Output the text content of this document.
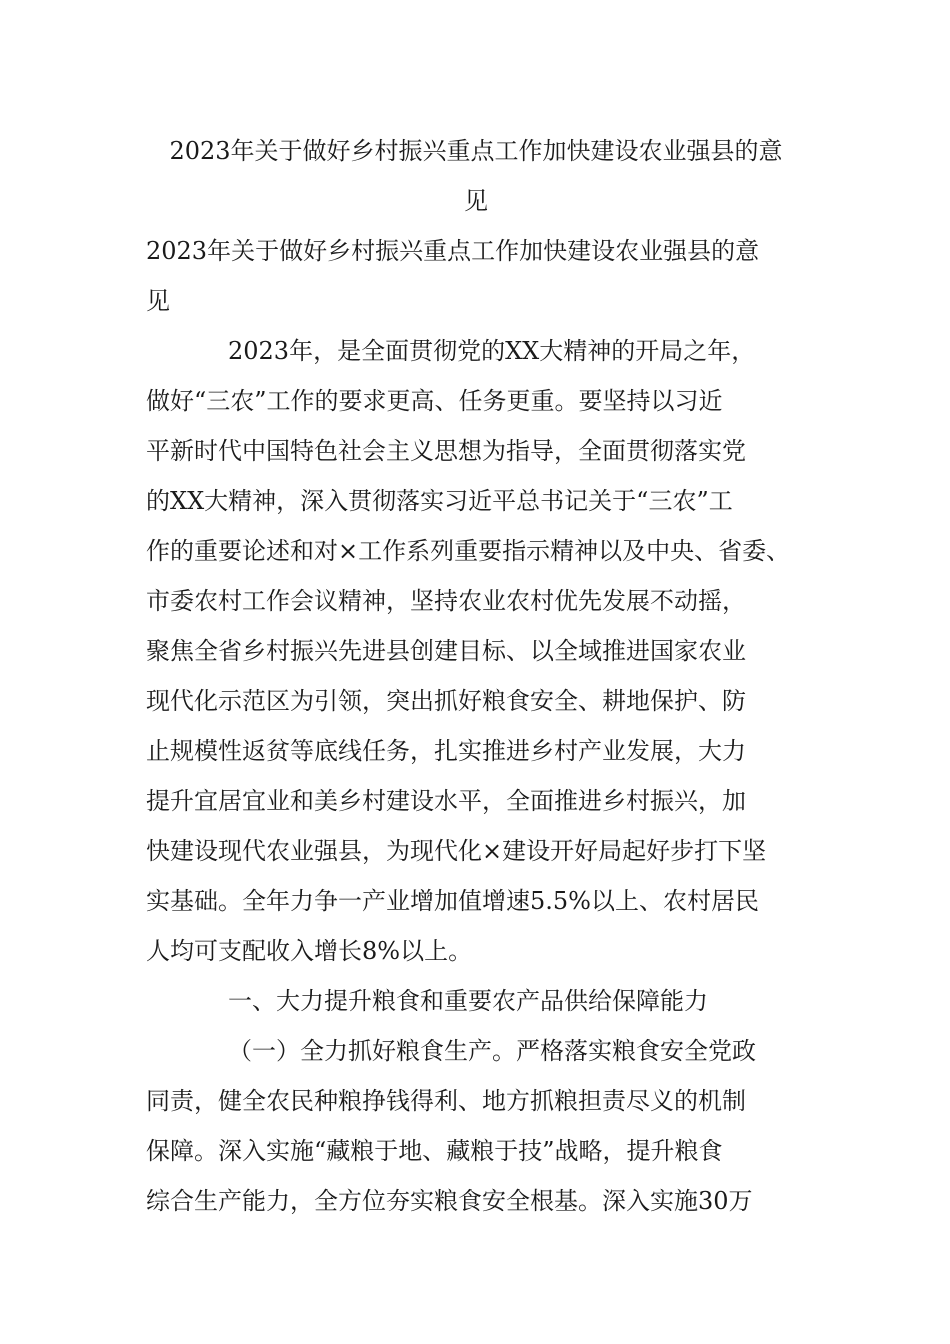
2023年关于做好乡村振兴重点工作加快建设农业强县的意
见
2023年关于做好乡村振兴重点工作加快建设农业强县的意
见
2023年，是全面贯彻党的XX大精神的开局之年，
做好“三农”工作的要求更高、任务更重。要坚持以习近
平新时代中国特色社会主义思想为指导，全面贯彻落实党
的XX大精神，深入贯彻落实习近平总书记关于“三农”工
作的重要论述和对×工作系列重要指示精神以及中央、省委、
市委农村工作会议精神，坚持农业农村优先发展不动摇，
聚焦全省乡村振兴先进县创建目标、以全域推进国家农业
现代化示范区为引领，突出抓好粮食安全、耕地保护、防
止规模性返贫等底线任务，扎实推进乡村产业发展，大力
提升宜居宜业和美乡村建设水平，全面推进乡村振兴，加
快建设现代农业强县，为现代化×建设开好局起好步打下坚
实基础。全年力争一产业增加值增速5.5%以上、农村居民
人均可支配收入增长8%以上。
一、大力提升粮食和重要农产品供给保障能力
（一）全力抓好粮食生产。严格落实粮食安全党政
同责，健全农民种粮挣钱得利、地方抓粮担责尽义的机制
保障。深入实施“藏粮于地、藏粮于技”战略，提升粮食
综合生产能力，全方位夯实粮食安全根基。深入实施30万
